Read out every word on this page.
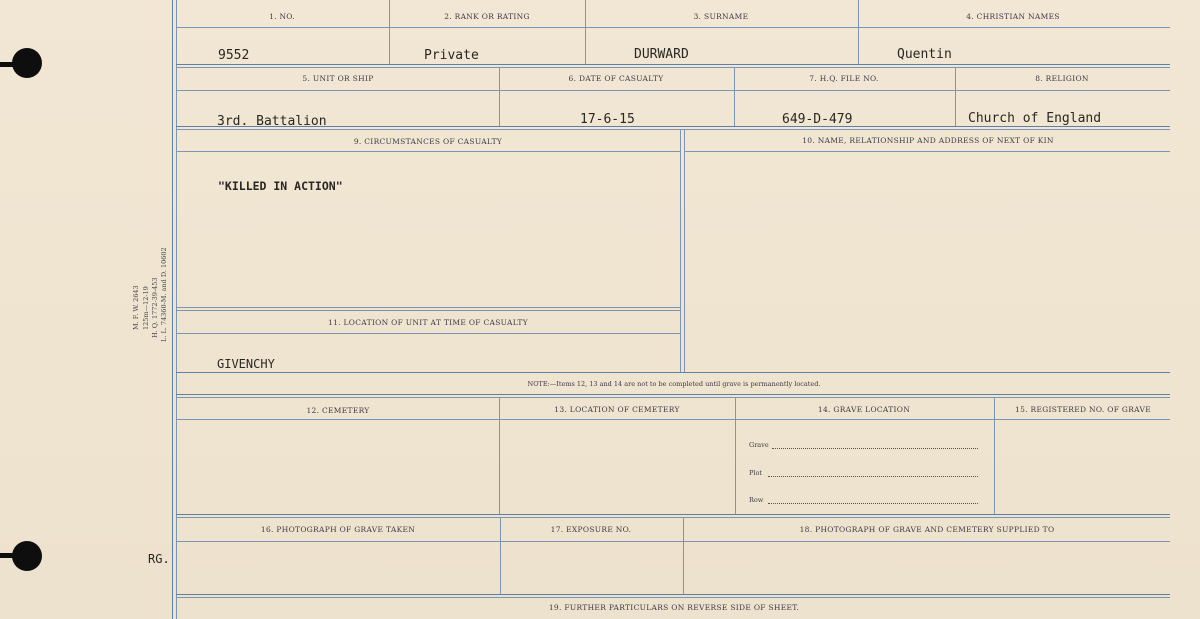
M. F. W. 2643 125m—12-19 H. Q. 1772-39-453 L. L. 74360-M. and D. 10602
RG.
1. NO.	2. RANK OR RATING	3. SURNAME	4. CHRISTIAN NAMES
9552	Private	DURWARD	Quentin
5. UNIT OR SHIP	6. DATE OF CASUALTY	7. H.Q. FILE NO.	8. RELIGION
3rd. Battalion	17-6-15	649-D-479	Church of England
9. CIRCUMSTANCES OF CASUALTY	10. NAME, RELATIONSHIP AND ADDRESS OF NEXT OF KIN
"KILLED IN ACTION"
11. LOCATION OF UNIT AT TIME OF CASUALTY
GIVENCHY
NOTE:—Items 12, 13 and 14 are not to be completed until grave is permanently located.
12. CEMETERY	13. LOCATION OF CEMETERY	14. GRAVE LOCATION	15. REGISTERED NO. OF GRAVE
Grave
Plot
Row
16. PHOTOGRAPH OF GRAVE TAKEN	17. EXPOSURE NO.	18. PHOTOGRAPH OF GRAVE AND CEMETERY SUPPLIED TO
19. FURTHER PARTICULARS ON REVERSE SIDE OF SHEET.
